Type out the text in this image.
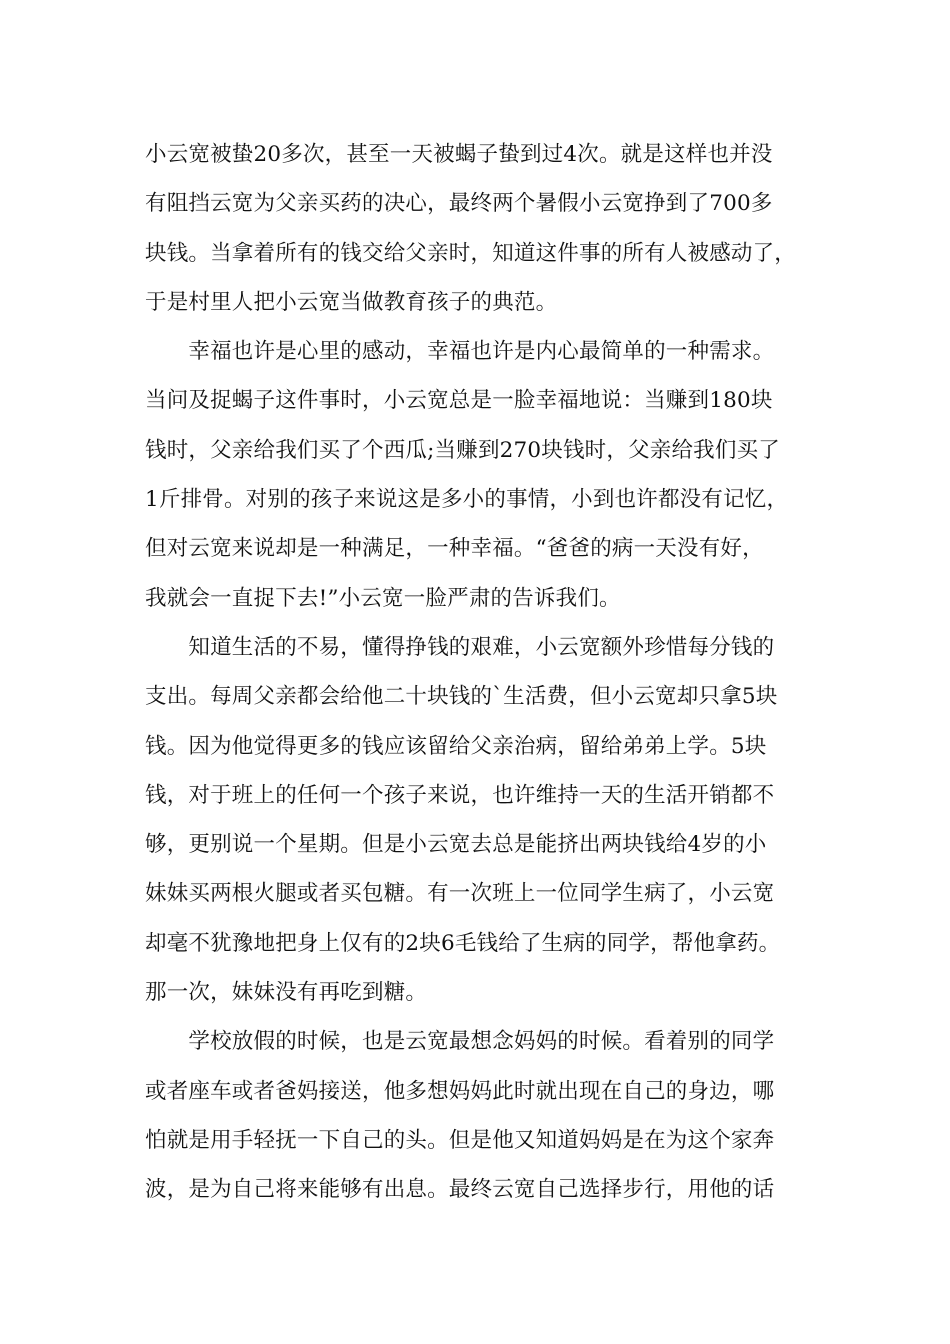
小云宽被蛰20多次，甚至一天被蝎子蛰到过4次。就是这样也并没
有阻挡云宽为父亲买药的决心，最终两个暑假小云宽挣到了700多
块钱。当拿着所有的钱交给父亲时，知道这件事的所有人被感动了，
于是村里人把小云宽当做教育孩子的典范。
　　幸福也许是心里的感动，幸福也许是内心最简单的一种需求。
当问及捉蝎子这件事时，小云宽总是一脸幸福地说：当赚到180块
钱时，父亲给我们买了个西瓜;当赚到270块钱时，父亲给我们买了
1斤排骨。对别的孩子来说这是多小的事情，小到也许都没有记忆，
但对云宽来说却是一种满足，一种幸福。“爸爸的病一天没有好，
我就会一直捉下去!”小云宽一脸严肃的告诉我们。
　　知道生活的不易，懂得挣钱的艰难，小云宽额外珍惜每分钱的
支出。每周父亲都会给他二十块钱的`生活费，但小云宽却只拿5块
钱。因为他觉得更多的钱应该留给父亲治病，留给弟弟上学。5块
钱，对于班上的任何一个孩子来说，也许维持一天的生活开销都不
够，更别说一个星期。但是小云宽去总是能挤出两块钱给4岁的小
妹妹买两根火腿或者买包糖。有一次班上一位同学生病了，小云宽
却毫不犹豫地把身上仅有的2块6毛钱给了生病的同学，帮他拿药。
那一次，妹妹没有再吃到糖。
　　学校放假的时候，也是云宽最想念妈妈的时候。看着别的同学
或者座车或者爸妈接送，他多想妈妈此时就出现在自己的身边，哪
怕就是用手轻抚一下自己的头。但是他又知道妈妈是在为这个家奔
波，是为自己将来能够有出息。最终云宽自己选择步行，用他的话
